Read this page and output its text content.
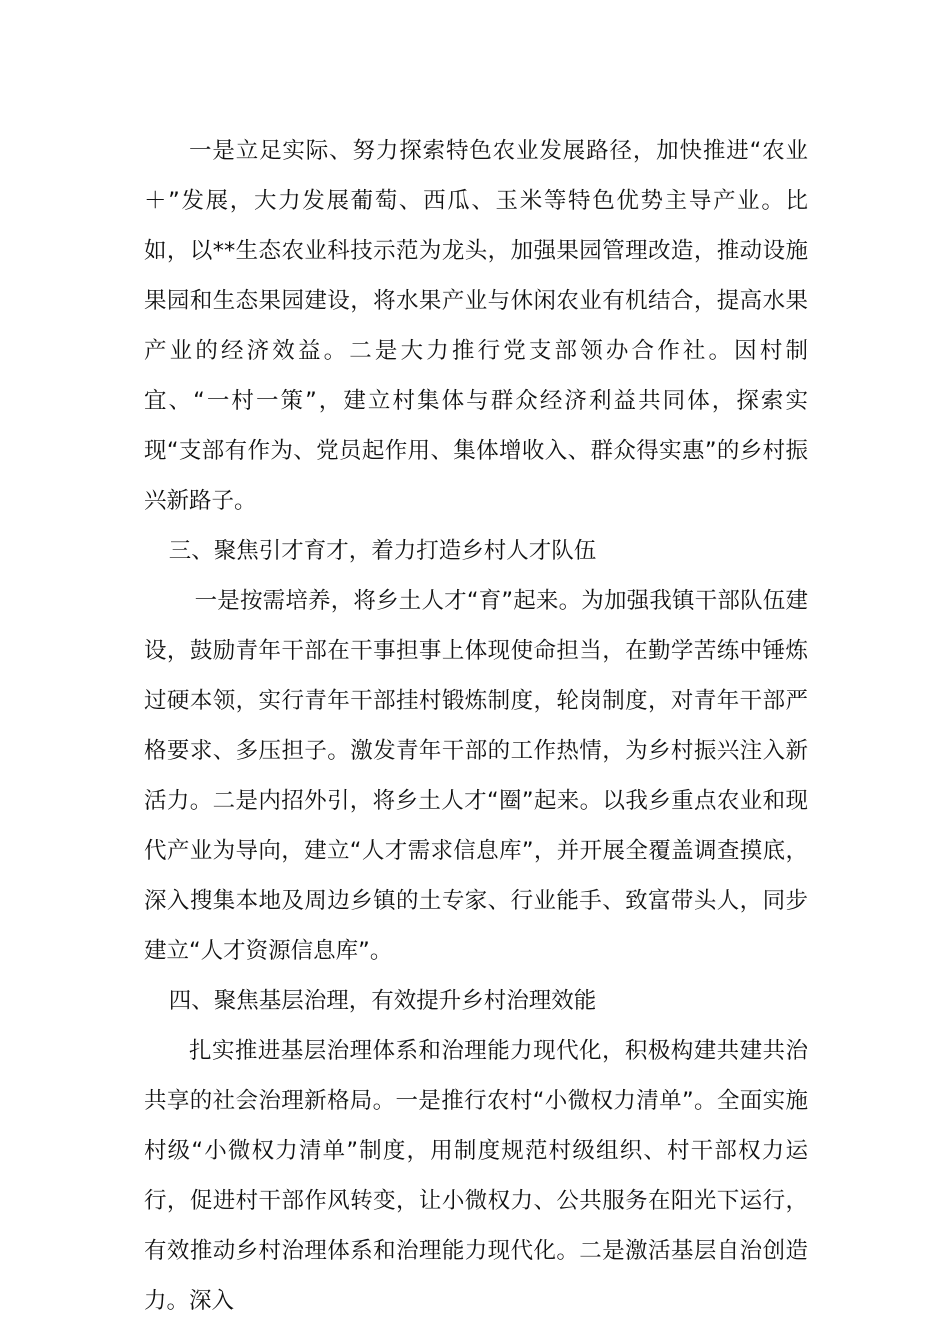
一是立足实际、努力探索特色农业发展路径，加快推进“农业＋”发展，大力发展葡萄、西瓜、玉米等特色优势主导产业。比如，以**生态农业科技示范为龙头，加强果园管理改造，推动设施果园和生态果园建设，将水果产业与休闲农业有机结合，提高水果产业的经济效益。二是大力推行党支部领办合作社。因村制宜、“一村一策”，建立村集体与群众经济利益共同体，探索实现“支部有作为、党员起作用、集体增收入、群众得实惠”的乡村振兴新路子。

三、聚焦引才育才，着力打造乡村人才队伍

一是按需培养，将乡土人才“育”起来。为加强我镇干部队伍建设，鼓励青年干部在干事担事上体现使命担当，在勤学苦练中锤炼过硬本领，实行青年干部挂村锻炼制度，轮岗制度，对青年干部严格要求、多压担子。激发青年干部的工作热情，为乡村振兴注入新活力。二是内招外引，将乡土人才“圈”起来。以我乡重点农业和现代产业为导向，建立“人才需求信息库”，并开展全覆盖调查摸底，深入搜集本地及周边乡镇的土专家、行业能手、致富带头人，同步建立“人才资源信息库”。

四、聚焦基层治理，有效提升乡村治理效能

扎实推进基层治理体系和治理能力现代化，积极构建共建共治共享的社会治理新格局。一是推行农村“小微权力清单”。全面实施村级“小微权力清单”制度，用制度规范村级组织、村干部权力运行，促进村干部作风转变，让小微权力、公共服务在阳光下运行，有效推动乡村治理体系和治理能力现代化。二是激活基层自治创造力。深入
